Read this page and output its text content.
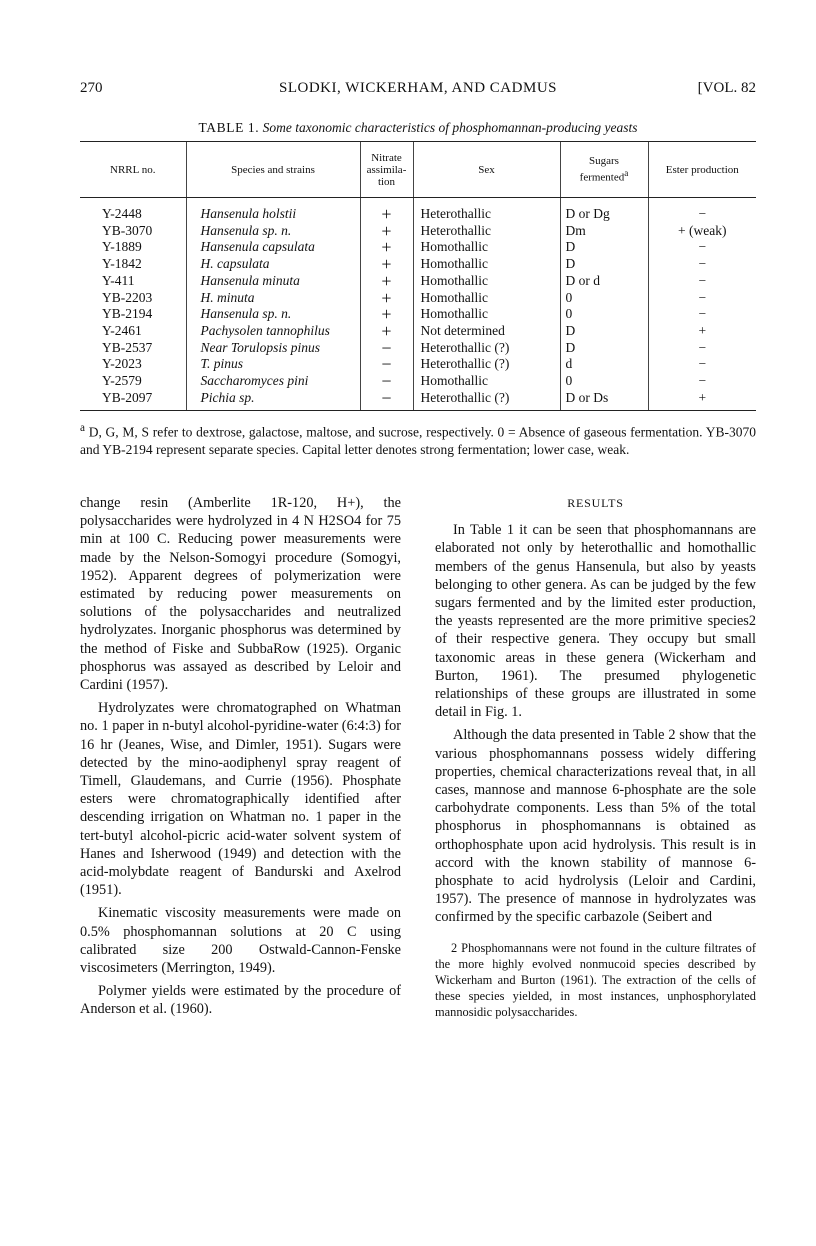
270	SLODKI, WICKERHAM, AND CADMUS	[VOL. 82
TABLE 1. Some taxonomic characteristics of phosphomannan-producing yeasts
NRRL no.	Species and strains	Nitrate assimila-tion	Sex	Sugars fermented$^a$	Ester production

Y-2448	Hansenula holstii	+	Heterothallic	D or Dg	−
YB-3070	Hansenula sp. n.	+	Heterothallic	Dm	+ (weak)
Y-1889	Hansenula capsulata	+	Homothallic	D	−
Y-1842	H. capsulata	+	Homothallic	D	−
Y-411	Hansenula minuta	+	Homothallic	D or d	−
YB-2203	H. minuta	+	Homothallic	0	−
YB-2194	Hansenula sp. n.	+	Homothallic	0	−
Y-2461	Pachysolen tannophilus	+	Not determined	D	+
YB-2537	Near Torulopsis pinus	−	Heterothallic (?)	D	−
Y-2023	T. pinus	−	Heterothallic (?)	d	−
Y-2579	Saccharomyces pini	−	Homothallic	0	−
YB-2097	Pichia sp.	−	Heterothallic (?)	D or Ds	+
$^a$ D, G, M, S refer to dextrose, galactose, maltose, and sucrose, respectively. 0 = Absence of gaseous fermentation. YB-3070 and YB-2194 represent separate species. Capital letter denotes strong fermentation; lower case, weak.

change resin (Amberlite 1R-120, H+), the polysaccharides were hydrolyzed in 4 N H2SO4 for 75 min at 100 C. Reducing power measurements were made by the Nelson-Somogyi procedure (Somogyi, 1952). Apparent degrees of polymerization were estimated by reducing power measurements on solutions of the polysaccharides and neutralized hydrolyzates. Inorganic phosphorus was determined by the method of Fiske and SubbaRow (1925). Organic phosphorus was assayed as described by Leloir and Cardini (1957).

Hydrolyzates were chromatographed on Whatman no. 1 paper in n-butyl alcohol-pyridine-water (6:4:3) for 16 hr (Jeanes, Wise, and Dimler, 1951). Sugars were detected by the mino-aodiphenyl spray reagent of Timell, Glaudemans, and Currie (1956). Phosphate esters were chromatographically identified after descending irrigation on Whatman no. 1 paper in the tert-butyl alcohol-picric acid-water solvent system of Hanes and Isherwood (1949) and detection with the acid-molybdate reagent of Bandurski and Axelrod (1951).

Kinematic viscosity measurements were made on 0.5% phosphomannan solutions at 20 C using calibrated size 200 Ostwald-Cannon-Fenske viscosimeters (Merrington, 1949).

Polymer yields were estimated by the procedure of Anderson et al. (1960).

RESULTS

In Table 1 it can be seen that phosphomannans are elaborated not only by heterothallic and homothallic members of the genus Hansenula, but also by yeasts belonging to other genera. As can be judged by the few sugars fermented and by the limited ester production, the yeasts represented are the more primitive species2 of their respective genera. They occupy but small taxonomic areas in these genera (Wickerham and Burton, 1961). The presumed phylogenetic relationships of these groups are illustrated in some detail in Fig. 1.

Although the data presented in Table 2 show that the various phosphomannans possess widely differing properties, chemical characterizations reveal that, in all cases, mannose and mannose 6-phosphate are the sole carbohydrate components. Less than 5% of the total phosphorus in phosphomannans is obtained as orthophosphate upon acid hydrolysis. This result is in accord with the known stability of mannose 6-phosphate to acid hydrolysis (Leloir and Cardini, 1957). The presence of mannose in hydrolyzates was confirmed by the specific carbazole (Seibert and

2 Phosphomannans were not found in the culture filtrates of the more highly evolved nonmucoid species described by Wickerham and Burton (1961). The extraction of the cells of these species yielded, in most instances, unphosphorylated mannosidic polysaccharides.
